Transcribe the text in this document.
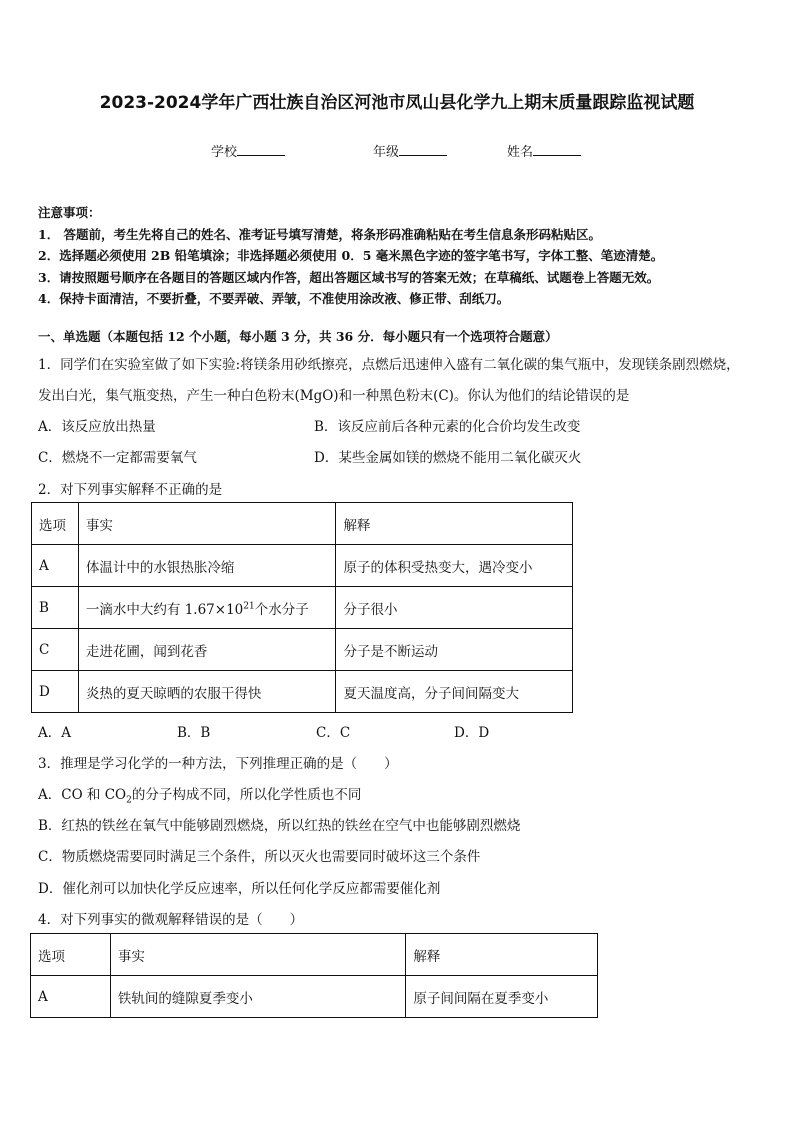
2023-2024学年广西壮族自治区河池市凤山县化学九上期末质量跟踪监视试题
学校	年级	姓名
注意事项：
1． 答题前，考生先将自己的姓名、准考证号填写清楚，将条形码准确粘贴在考生信息条形码粘贴区。
2．选择题必须使用 2B 铅笔填涂；非选择题必须使用 0．5 毫米黑色字迹的签字笔书写，字体工整、笔迹清楚。
3．请按照题号顺序在各题目的答题区域内作答，超出答题区域书写的答案无效；在草稿纸、试题卷上答题无效。
4．保持卡面清洁，不要折叠，不要弄破、弄皱，不准使用涂改液、修正带、刮纸刀。
一、单选题（本题包括 12 个小题，每小题 3 分，共 36 分．每小题只有一个选项符合题意）
1．同学们在实验室做了如下实验:将镁条用砂纸擦亮，点燃后迅速伸入盛有二氧化碳的集气瓶中，发现镁条剧烈燃烧，
发出白光，集气瓶变热，产生一种白色粉末(MgO)和一种黑色粉末(C)。你认为他们的结论错误的是
A．该反应放出热量	B．该反应前后各种元素的化合价均发生改变
C．燃烧不一定都需要氧气	D．某些金属如镁的燃烧不能用二氧化碳灭火
2．对下列事实解释不正确的是
选项	事实	解释
A	体温计中的水银热胀冷缩	原子的体积受热变大，遇冷变小
B	一滴水中大约有 $1.67\times 10^{21}$个水分子	分子很小
C	走进花圃，闻到花香	分子是不断运动
D	炎热的夏天晾晒的农服干得快	夏天温度高，分子间间隔变大
A．A	B．B	C．C	D．D
3．推理是学习化学的一种方法，下列推理正确的是（　　）
A．CO 和 $CO_2$的分子构成不同，所以化学性质也不同
B．红热的铁丝在氧气中能够剧烈燃烧，所以红热的铁丝在空气中也能够剧烈燃烧
C．物质燃烧需要同时满足三个条件，所以灭火也需要同时破坏这三个条件
D．催化剂可以加快化学反应速率，所以任何化学反应都需要催化剂
4．对下列事实的微观解释错误的是（　　）
选项	事实	解释
A	铁轨间的缝隙夏季变小	原子间间隔在夏季变小
